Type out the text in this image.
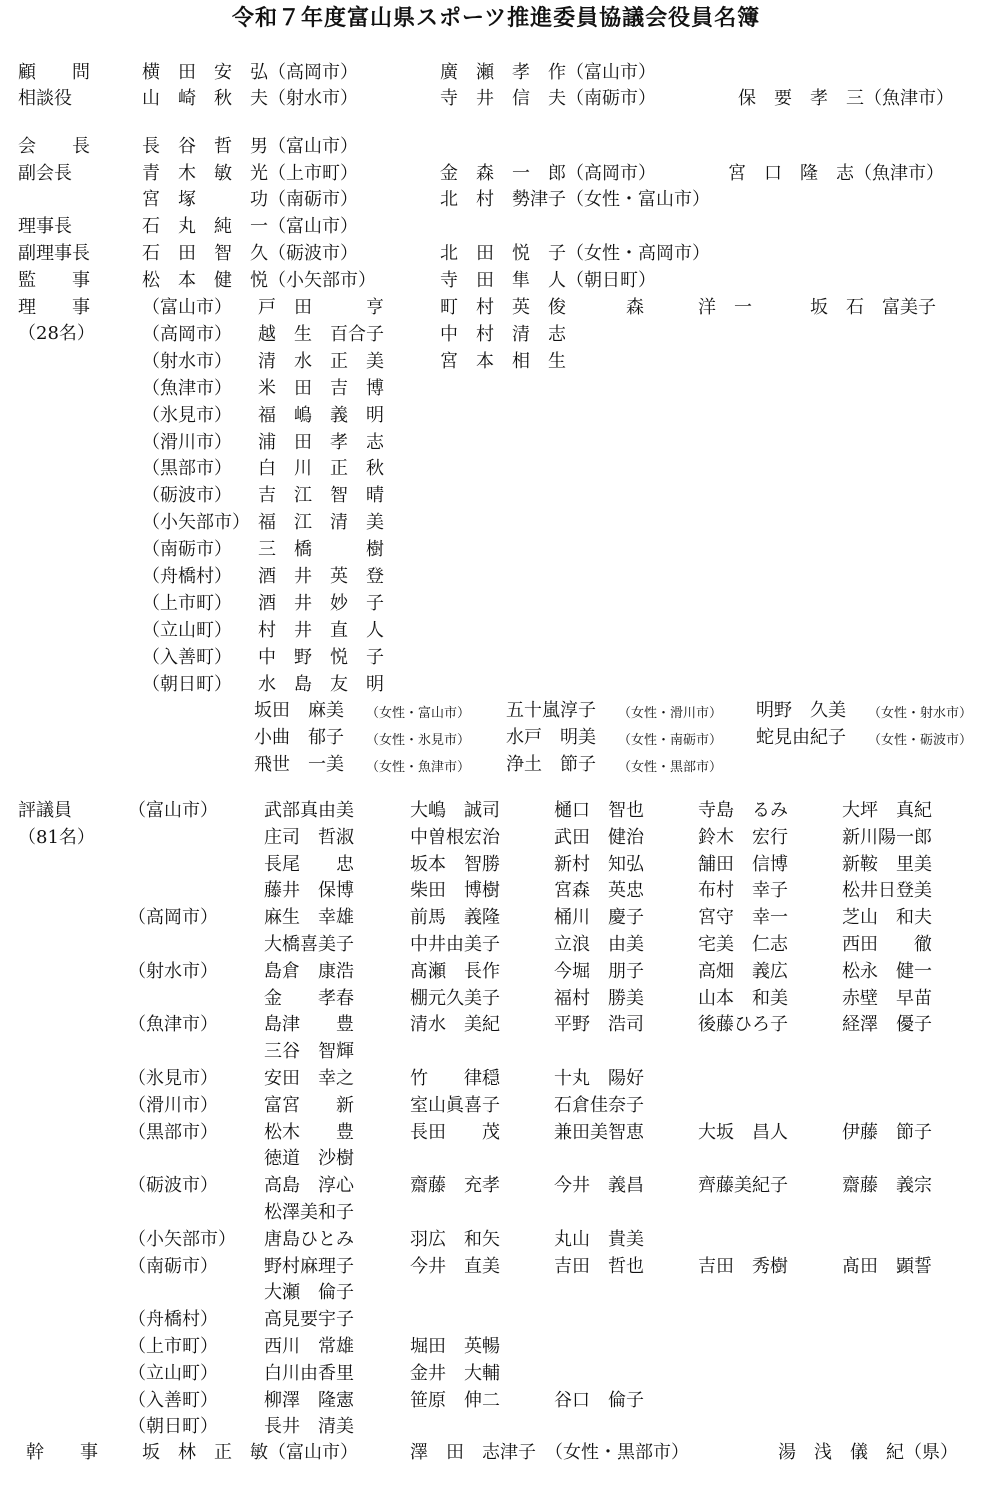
令和７年度富山県スポーツ推進委員協議会役員名簿
顧　　問	横　田　安　弘（高岡市）	廣　瀬　孝　作（富山市）
相談役	山　崎　秋　夫（射水市）	寺　井　信　夫（南砺市）	保　要　孝　三（魚津市）
会　　長	長　谷　哲　男（富山市）
副会長	青　木　敏　光（上市町）	金　森　一　郎（高岡市）	宮　口　隆　志（魚津市）
宮　塚　　　功（南砺市）	北　村　勢津子（女性・富山市）
理事長	石　丸　純　一（富山市）
副理事長	石　田　智　久（砺波市）	北　田　悦　子（女性・高岡市）
監　　事	松　本　健　悦（小矢部市）	寺　田　隼　人（朝日町）
理　　事
（28名）
（富山市） 戸　田　　　亨	町　村　英　俊	森　　　洋　一	坂　石　富美子
（高岡市） 越　生　百合子	中　村　清　志
（射水市） 清　水　正　美	宮　本　相　生
（魚津市） 米　田　吉　博
（氷見市） 福　嶋　義　明
（滑川市） 浦　田　孝　志
（黒部市） 白　川　正　秋
（砺波市） 吉　江　智　晴
（小矢部市） 福　江　清　美
（南砺市） 三　橋　　　樹
（舟橋村） 酒　井　英　登
（上市町） 酒　井　妙　子
（立山町） 村　井　直　人
（入善町） 中　野　悦　子
（朝日町） 水　島　友　明
坂田　麻美 （女性・富山市） 五十嵐淳子 （女性・滑川市） 明野　久美 （女性・射水市）
小曲　郁子 （女性・氷見市） 水戸　明美 （女性・南砺市） 蛇見由紀子 （女性・砺波市）
飛世　一美 （女性・魚津市） 浄土　節子 （女性・黒部市）
評議員
（81名）
（富山市）	武部真由美	大嶋　誠司	樋口　智也	寺島　るみ	大坪　真紀
庄司　哲淑	中曽根宏治	武田　健治	鈴木　宏行	新川陽一郎
長尾　　忠	坂本　智勝	新村　知弘	舗田　信博	新鞍　里美
藤井　保博	柴田　博樹	宮森　英忠	布村　幸子	松井日登美
（高岡市）	麻生　幸雄	前馬　義隆	桶川　慶子	宮守　幸一	芝山　和夫
大橋喜美子	中井由美子	立浪　由美	宅美　仁志	西田　　徹
（射水市）	島倉　康浩	髙瀬　長作	今堀　朋子	高畑　義広	松永　健一
金　　孝春	棚元久美子	福村　勝美	山本　和美	赤壁　早苗
（魚津市）	島津　　豊	清水　美紀	平野　浩司	後藤ひろ子	経澤　優子
三谷　智輝
（氷見市）	安田　幸之	竹　　律穏	十丸　陽好
（滑川市）	富宮　　新	室山眞喜子	石倉佳奈子
（黒部市）	松木　　豊	長田　　茂	兼田美智恵	大坂　昌人	伊藤　節子
徳道　沙樹
（砺波市）	高島　淳心	齋藤　充孝	今井　義昌	齊藤美紀子	齋藤　義宗
松澤美和子
（小矢部市） 唐島ひとみ	羽広　和矢	丸山　貴美
（南砺市）	野村麻理子	今井　直美	吉田　哲也	吉田　秀樹	髙田　顕誓
大瀬　倫子
（舟橋村）	高見要宇子
（上市町）	西川　常雄	堀田　英暢
（立山町）	白川由香里	金井　大輔
（入善町）	柳澤　隆憲	笹原　伸二	谷口　倫子
（朝日町）	長井　清美
幹　　事 坂　林　正　敏（富山市）	澤　田　志津子　（女性・黒部市）	湯　浅　儀　紀（県）
